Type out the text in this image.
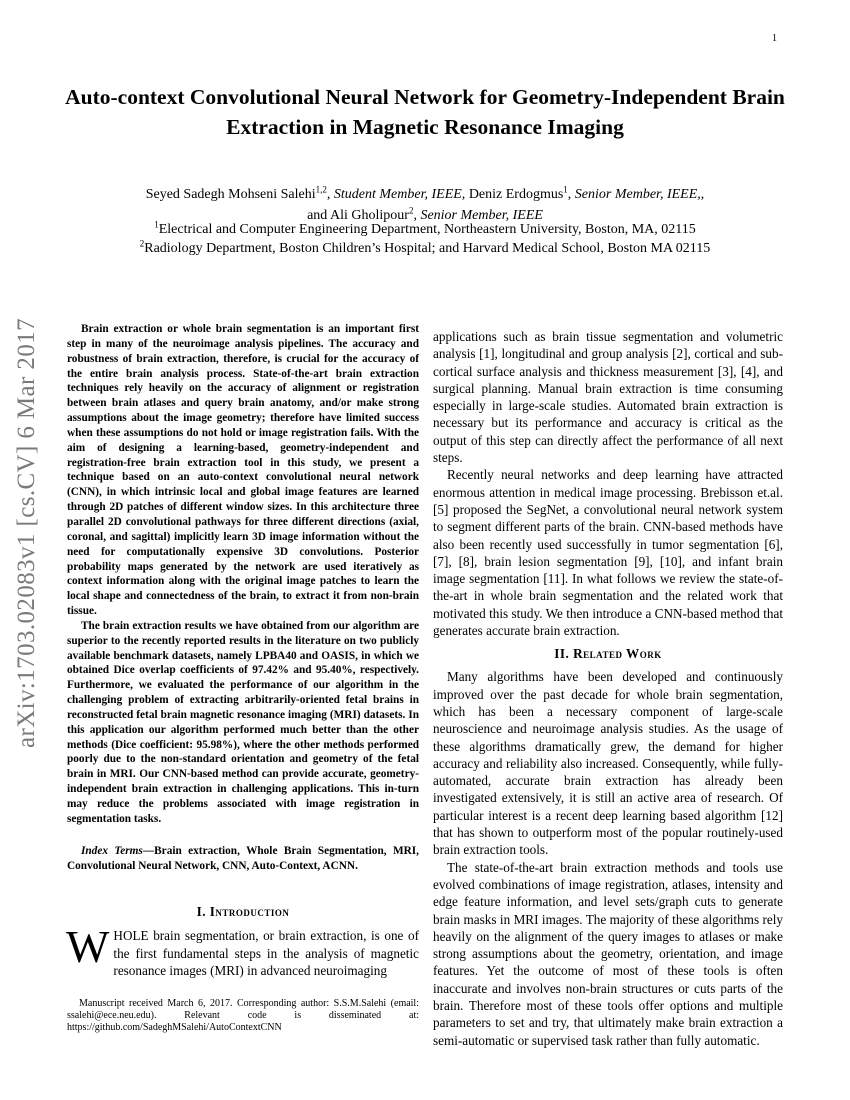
1
arXiv:1703.02083v1 [cs.CV] 6 Mar 2017
Auto-context Convolutional Neural Network for Geometry-Independent Brain Extraction in Magnetic Resonance Imaging
Seyed Sadegh Mohseni Salehi$^{1,2}$, Student Member, IEEE, Deniz Erdogmus$^1$, Senior Member, IEEE,,
and Ali Gholipour$^2$, Senior Member, IEEE
$^1$Electrical and Computer Engineering Department, Northeastern University, Boston, MA, 02115
$^2$Radiology Department, Boston Children’s Hospital; and Harvard Medical School, Boston MA 02115

Brain extraction or whole brain segmentation is an important first step in many of the neuroimage analysis pipelines. The accuracy and robustness of brain extraction, therefore, is crucial for the accuracy of the entire brain analysis process. State-of-the-art brain extraction techniques rely heavily on the accuracy of alignment or registration between brain atlases and query brain anatomy, and/or make strong assumptions about the image geometry; therefore have limited success when these assumptions do not hold or image registration fails. With the aim of designing a learning-based, geometry-independent and registration-free brain extraction tool in this study, we present a technique based on an auto-context convolutional neural network (CNN), in which intrinsic local and global image features are learned through 2D patches of different window sizes. In this architecture three parallel 2D convolutional pathways for three different directions (axial, coronal, and sagittal) implicitly learn 3D image information without the need for computationally expensive 3D convolutions. Posterior probability maps generated by the network are used iteratively as context information along with the original image patches to learn the local shape and connectedness of the brain, to extract it from non-brain tissue.

The brain extraction results we have obtained from our algorithm are superior to the recently reported results in the literature on two publicly available benchmark datasets, namely LPBA40 and OASIS, in which we obtained Dice overlap coefficients of 97.42% and 95.40%, respectively. Furthermore, we evaluated the performance of our algorithm in the challenging problem of extracting arbitrarily-oriented fetal brains in reconstructed fetal brain magnetic resonance imaging (MRI) datasets. In this application our algorithm performed much better than the other methods (Dice coefficient: 95.98%), where the other methods performed poorly due to the non-standard orientation and geometry of the fetal brain in MRI. Our CNN-based method can provide accurate, geometry-independent brain extraction in challenging applications. This in-turn may reduce the problems associated with image registration in segmentation tasks.

Index Terms—Brain extraction, Whole Brain Segmentation, MRI, Convolutional Neural Network, CNN, Auto-Context, ACNN.

I. Introduction

WHOLE brain segmentation, or brain extraction, is one of the first fundamental steps in the analysis of magnetic resonance images (MRI) in advanced neuroimaging

Manuscript received March 6, 2017. Corresponding author: S.S.M.Salehi (email: ssalehi@ece.neu.edu). Relevant code is disseminated at: https://github.com/SadeghMSalehi/AutoContextCNN

applications such as brain tissue segmentation and volumetric analysis [1], longitudinal and group analysis [2], cortical and sub-cortical surface analysis and thickness measurement [3], [4], and surgical planning. Manual brain extraction is time consuming especially in large-scale studies. Automated brain extraction is necessary but its performance and accuracy is critical as the output of this step can directly affect the performance of all next steps.

Recently neural networks and deep learning have attracted enormous attention in medical image processing. Brebisson et.al. [5] proposed the SegNet, a convolutional neural network system to segment different parts of the brain. CNN-based methods have also been recently used successfully in tumor segmentation [6], [7], [8], brain lesion segmentation [9], [10], and infant brain image segmentation [11]. In what follows we review the state-of-the-art in whole brain segmentation and the related work that motivated this study. We then introduce a CNN-based method that generates accurate brain extraction.

II. Related Work

Many algorithms have been developed and continuously improved over the past decade for whole brain segmentation, which has been a necessary component of large-scale neuroscience and neuroimage analysis studies. As the usage of these algorithms dramatically grew, the demand for higher accuracy and reliability also increased. Consequently, while fully-automated, accurate brain extraction has already been investigated extensively, it is still an active area of research. Of particular interest is a recent deep learning based algorithm [12] that has shown to outperform most of the popular routinely-used brain extraction tools.

The state-of-the-art brain extraction methods and tools use evolved combinations of image registration, atlases, intensity and edge feature information, and level sets/graph cuts to generate brain masks in MRI images. The majority of these algorithms rely heavily on the alignment of the query images to atlases or make strong assumptions about the geometry, orientation, and image features. Yet the outcome of most of these tools is often inaccurate and involves non-brain structures or cuts parts of the brain. Therefore most of these tools offer options and multiple parameters to set and try, that ultimately make brain extraction a semi-automatic or supervised task rather than fully automatic.
